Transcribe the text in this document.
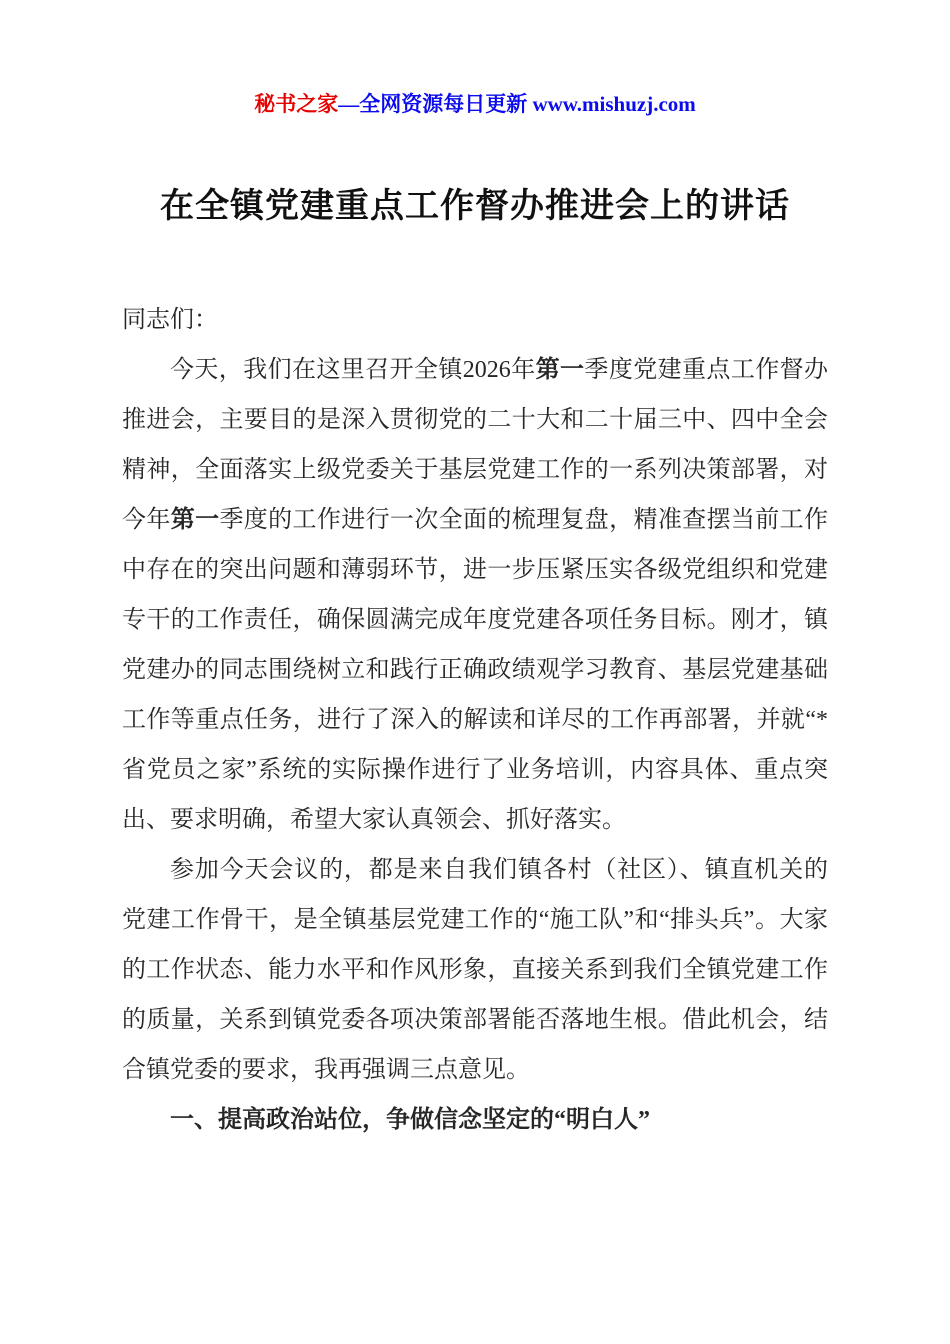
秘书之家—全网资源每日更新 www.mishuzj.com
在全镇党建重点工作督办推进会上的讲话

同志们：

今天，我们在这里召开全镇2026年第一季度党建重点工作督办推进会，主要目的是深入贯彻党的二十大和二十届三中、四中全会精神，全面落实上级党委关于基层党建工作的一系列决策部署，对今年第一季度的工作进行一次全面的梳理复盘，精准查摆当前工作中存在的突出问题和薄弱环节，进一步压紧压实各级党组织和党建专干的工作责任，确保圆满完成年度党建各项任务目标。刚才，镇党建办的同志围绕树立和践行正确政绩观学习教育、基层党建基础工作等重点任务，进行了深入的解读和详尽的工作再部署，并就“*省党员之家”系统的实际操作进行了业务培训，内容具体、重点突出、要求明确，希望大家认真领会、抓好落实。

参加今天会议的，都是来自我们镇各村（社区）、镇直机关的党建工作骨干，是全镇基层党建工作的“施工队”和“排头兵”。大家的工作状态、能力水平和作风形象，直接关系到我们全镇党建工作的质量，关系到镇党委各项决策部署能否落地生根。借此机会，结合镇党委的要求，我再强调三点意见。

一、提高政治站位，争做信念坚定的“明白人”
